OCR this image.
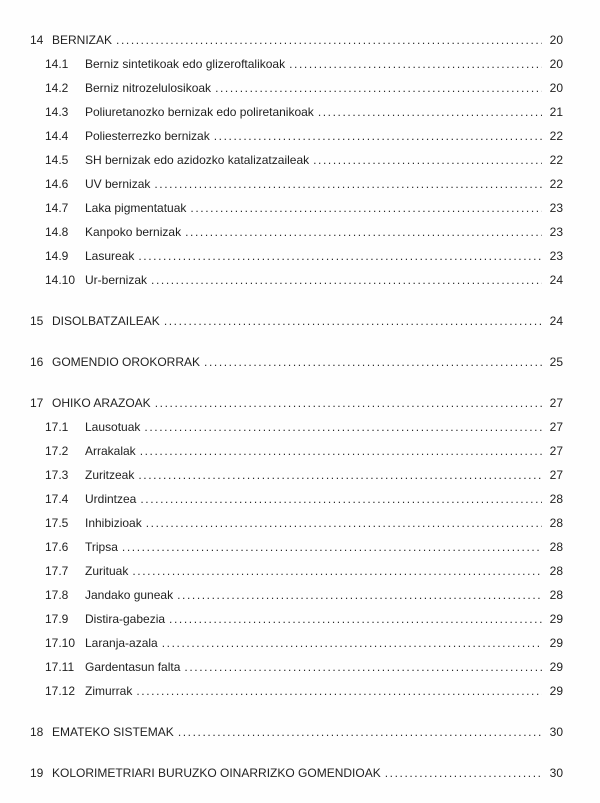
14 BERNIZAK .....	20
14.1	Berniz sintetikoak edo glizeroftalikoak .....	20
14.2	Berniz nitrozelulosikoak .....	20
14.3	Poliuretanozko bernizak edo poliretanikoak .....	21
14.4	Poliesterrezko bernizak .....	22
14.5	SH bernizak edo azidozko katalizatzaileak .....	22
14.6	UV bernizak .....	22
14.7	Laka pigmentatuak .....	23
14.8	Kanpoko bernizak .....	23
14.9	Lasureak .....	23
14.10 Ur-bernizak .....	24
15 DISOLBATZAILEAK .....	24
16 GOMENDIO OROKORRAK .....	25
17 OHIKO ARAZOAK .....	27
17.1	Lausotuak .....	27
17.2	Arrakalak .....	27
17.3	Zuritzeak .....	27
17.4	Urdintzea .....	28
17.5	Inhibizioak .....	28
17.6	Tripsa .....	28
17.7	Zurituak .....	28
17.8	Jandako guneak .....	28
17.9	Distira-gabezia .....	29
17.10 Laranja-azala .....	29
17.11 Gardentasun falta .....	29
17.12 Zimurrak .....	29
18 EMATEKO SISTEMAK .....	30
19 KOLORIMETRIARI BURUZKO OINARRIZKO GOMENDIOAK .....	30
